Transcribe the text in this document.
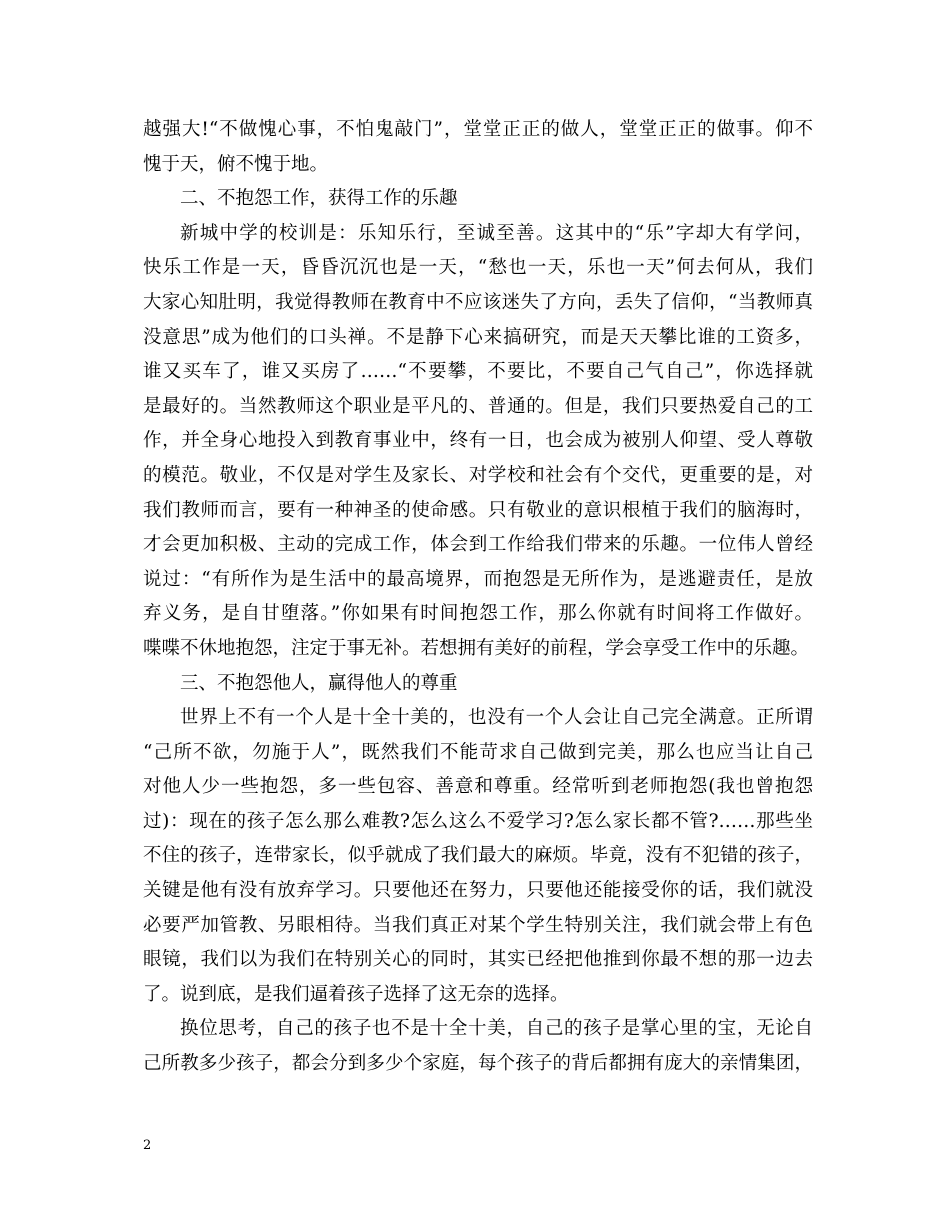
越强大!“不做愧心事，不怕鬼敲门”，堂堂正正的做人，堂堂正正的做事。仰不
愧于天，俯不愧于地。
二、不抱怨工作，获得工作的乐趣
新城中学的校训是：乐知乐行，至诚至善。这其中的“乐”字却大有学问，
快乐工作是一天，昏昏沉沉也是一天，“愁也一天，乐也一天”何去何从，我们
大家心知肚明，我觉得教师在教育中不应该迷失了方向，丢失了信仰，“当教师真
没意思”成为他们的口头禅。不是静下心来搞研究，而是天天攀比谁的工资多，
谁又买车了，谁又买房了……“不要攀，不要比，不要自己气自己”，你选择就
是最好的。当然教师这个职业是平凡的、普通的。但是，我们只要热爱自己的工
作，并全身心地投入到教育事业中，终有一日，也会成为被别人仰望、受人尊敬
的模范。敬业，不仅是对学生及家长、对学校和社会有个交代，更重要的是，对
我们教师而言，要有一种神圣的使命感。只有敬业的意识根植于我们的脑海时，
才会更加积极、主动的完成工作，体会到工作给我们带来的乐趣。一位伟人曾经
说过：“有所作为是生活中的最高境界，而抱怨是无所作为，是逃避责任，是放
弃义务，是自甘堕落。”你如果有时间抱怨工作，那么你就有时间将工作做好。
喋喋不休地抱怨，注定于事无补。若想拥有美好的前程，学会享受工作中的乐趣。
三、不抱怨他人，赢得他人的尊重
世界上不有一个人是十全十美的，也没有一个人会让自己完全满意。正所谓
“己所不欲，勿施于人”，既然我们不能苛求自己做到完美，那么也应当让自己
对他人少一些抱怨，多一些包容、善意和尊重。经常听到老师抱怨(我也曾抱怨
过)：现在的孩子怎么那么难教?怎么这么不爱学习?怎么家长都不管?……那些坐
不住的孩子，连带家长，似乎就成了我们最大的麻烦。毕竟，没有不犯错的孩子，
关键是他有没有放弃学习。只要他还在努力，只要他还能接受你的话，我们就没
必要严加管教、另眼相待。当我们真正对某个学生特别关注，我们就会带上有色
眼镜，我们以为我们在特别关心的同时，其实已经把他推到你最不想的那一边去
了。说到底，是我们逼着孩子选择了这无奈的选择。
换位思考，自己的孩子也不是十全十美，自己的孩子是掌心里的宝，无论自
己所教多少孩子，都会分到多少个家庭，每个孩子的背后都拥有庞大的亲情集团，
2
